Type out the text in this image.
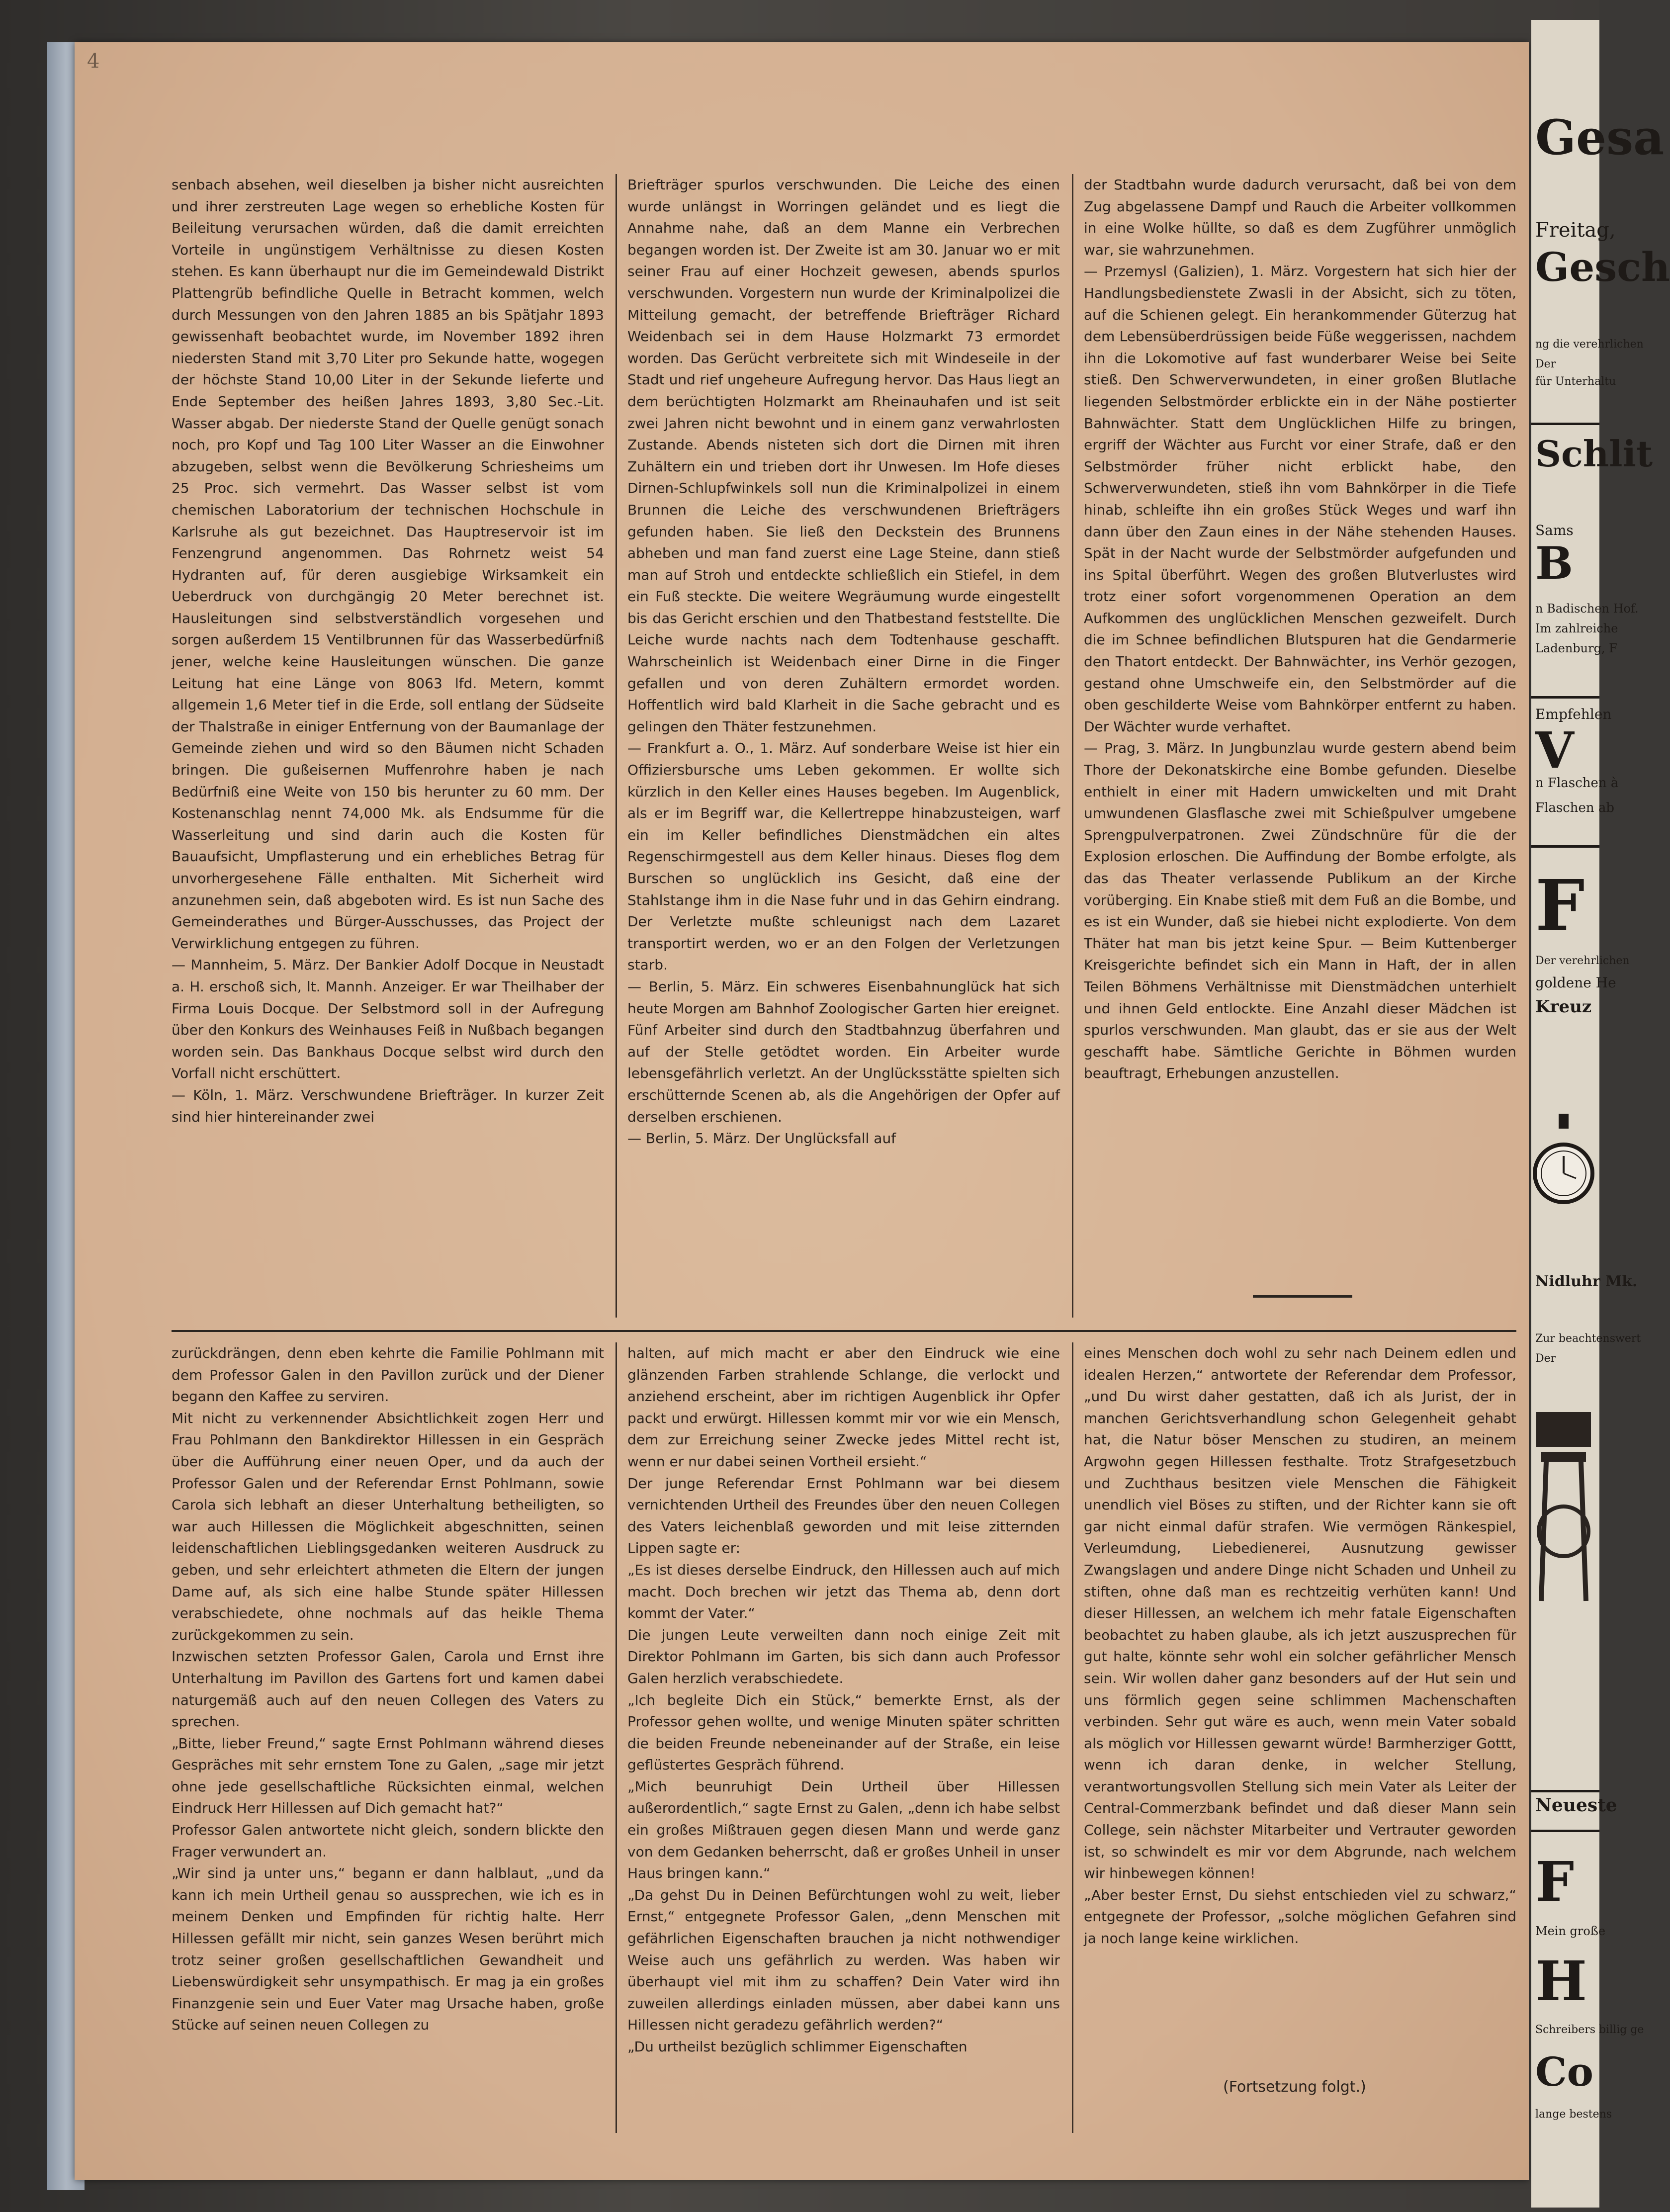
4

senbach absehen, weil dieselben ja bisher nicht ausreichten und ihrer zerstreuten Lage wegen so erhebliche Kosten für Beileitung verursachen würden, daß die damit erreichten Vorteile in ungünstigem Verhältnisse zu diesen Kosten stehen. Es kann überhaupt nur die im Gemeindewald Distrikt Plattengrüb befindliche Quelle in Betracht kommen, welch durch Messungen von den Jahren 1885 an bis Spätjahr 1893 gewissenhaft beobachtet wurde, im November 1892 ihren niedersten Stand mit 3,70 Liter pro Sekunde hatte, wogegen der höchste Stand 10,00 Liter in der Sekunde lieferte und Ende September des heißen Jahres 1893, 3,80 Sec.-Lit. Wasser abgab. Der niederste Stand der Quelle genügt sonach noch, pro Kopf und Tag 100 Liter Wasser an die Einwohner abzugeben, selbst wenn die Bevölkerung Schriesheims um 25 Proc. sich vermehrt. Das Wasser selbst ist vom chemischen Laboratorium der technischen Hochschule in Karlsruhe als gut bezeichnet. Das Hauptreservoir ist im Fenzengrund angenommen. Das Rohrnetz weist 54 Hydranten auf, für deren ausgiebige Wirksamkeit ein Ueberdruck von durchgängig 20 Meter berechnet ist. Hausleitungen sind selbstverständlich vorgesehen und sorgen außerdem 15 Ventilbrunnen für das Wasserbedürfniß jener, welche keine Hausleitungen wünschen. Die ganze Leitung hat eine Länge von 8063 lfd. Metern, kommt allgemein 1,6 Meter tief in die Erde, soll entlang der Südseite der Thalstraße in einiger Entfernung von der Baumanlage der Gemeinde ziehen und wird so den Bäumen nicht Schaden bringen. Die gußeisernen Muffenrohre haben je nach Bedürfniß eine Weite von 150 bis herunter zu 60 mm. Der Kostenanschlag nennt 74,000 Mk. als Endsumme für die Wasserleitung und sind darin auch die Kosten für Bauaufsicht, Umpflasterung und ein erhebliches Betrag für unvorhergesehene Fälle enthalten. Mit Sicherheit wird anzunehmen sein, daß abgeboten wird. Es ist nun Sache des Gemeinderathes und Bürger-Ausschusses, das Project der Verwirklichung entgegen zu führen.
— Mannheim, 5. März. Der Bankier Adolf Docque in Neustadt a. H. erschoß sich, lt. Mannh. Anzeiger. Er war Theilhaber der Firma Louis Docque. Der Selbstmord soll in der Aufregung über den Konkurs des Weinhauses Feiß in Nußbach begangen worden sein. Das Bankhaus Docque selbst wird durch den Vorfall nicht erschüttert.
— Köln, 1. März. Verschwundene Briefträger. In kurzer Zeit sind hier hintereinander zwei

Briefträger spurlos verschwunden. Die Leiche des einen wurde unlängst in Worringen geländet und es liegt die Annahme nahe, daß an dem Manne ein Verbrechen begangen worden ist. Der Zweite ist am 30. Januar wo er mit seiner Frau auf einer Hochzeit gewesen, abends spurlos verschwunden. Vorgestern nun wurde der Kriminalpolizei die Mitteilung gemacht, der betreffende Briefträger Richard Weidenbach sei in dem Hause Holzmarkt 73 ermordet worden. Das Gerücht verbreitete sich mit Windeseile in der Stadt und rief ungeheure Aufregung hervor. Das Haus liegt an dem berüchtigten Holzmarkt am Rheinauhafen und ist seit zwei Jahren nicht bewohnt und in einem ganz verwahrlosten Zustande. Abends nisteten sich dort die Dirnen mit ihren Zuhältern ein und trieben dort ihr Unwesen. Im Hofe dieses Dirnen-Schlupfwinkels soll nun die Kriminalpolizei in einem Brunnen die Leiche des verschwundenen Briefträgers gefunden haben. Sie ließ den Deckstein des Brunnens abheben und man fand zuerst eine Lage Steine, dann stieß man auf Stroh und entdeckte schließlich ein Stiefel, in dem ein Fuß steckte. Die weitere Wegräumung wurde eingestellt bis das Gericht erschien und den Thatbestand feststellte. Die Leiche wurde nachts nach dem Todtenhause geschafft. Wahrscheinlich ist Weidenbach einer Dirne in die Finger gefallen und von deren Zuhältern ermordet worden. Hoffentlich wird bald Klarheit in die Sache gebracht und es gelingen den Thäter festzunehmen.
— Frankfurt a. O., 1. März. Auf sonderbare Weise ist hier ein Offiziersbursche ums Leben gekommen. Er wollte sich kürzlich in den Keller eines Hauses begeben. Im Augenblick, als er im Begriff war, die Kellertreppe hinabzusteigen, warf ein im Keller befindliches Dienstmädchen ein altes Regenschirmgestell aus dem Keller hinaus. Dieses flog dem Burschen so unglücklich ins Gesicht, daß eine der Stahlstange ihm in die Nase fuhr und in das Gehirn eindrang. Der Verletzte mußte schleunigst nach dem Lazaret transportirt werden, wo er an den Folgen der Verletzungen starb.
— Berlin, 5. März. Ein schweres Eisenbahnunglück hat sich heute Morgen am Bahnhof Zoologischer Garten hier ereignet. Fünf Arbeiter sind durch den Stadtbahnzug überfahren und auf der Stelle getödtet worden. Ein Arbeiter wurde lebensgefährlich verletzt. An der Unglücksstätte spielten sich erschütternde Scenen ab, als die Angehörigen der Opfer auf derselben erschienen.
— Berlin, 5. März. Der Unglücksfall auf

der Stadtbahn wurde dadurch verursacht, daß bei von dem Zug abgelassene Dampf und Rauch die Arbeiter vollkommen in eine Wolke hüllte, so daß es dem Zugführer unmöglich war, sie wahrzunehmen.
— Przemysl (Galizien), 1. März. Vorgestern hat sich hier der Handlungsbedienstete Zwasli in der Absicht, sich zu töten, auf die Schienen gelegt. Ein herankommender Güterzug hat dem Lebensüberdrüssigen beide Füße weggerissen, nachdem ihn die Lokomotive auf fast wunderbarer Weise bei Seite stieß. Den Schwerverwundeten, in einer großen Blutlache liegenden Selbstmörder erblickte ein in der Nähe postierter Bahnwächter. Statt dem Unglücklichen Hilfe zu bringen, ergriff der Wächter aus Furcht vor einer Strafe, daß er den Selbstmörder früher nicht erblickt habe, den Schwerverwundeten, stieß ihn vom Bahnkörper in die Tiefe hinab, schleifte ihn ein großes Stück Weges und warf ihn dann über den Zaun eines in der Nähe stehenden Hauses. Spät in der Nacht wurde der Selbstmörder aufgefunden und ins Spital überführt. Wegen des großen Blutverlustes wird trotz einer sofort vorgenommenen Operation an dem Aufkommen des unglücklichen Menschen gezweifelt. Durch die im Schnee befindlichen Blutspuren hat die Gendarmerie den Thatort entdeckt. Der Bahnwächter, ins Verhör gezogen, gestand ohne Umschweife ein, den Selbstmörder auf die oben geschilderte Weise vom Bahnkörper entfernt zu haben. Der Wächter wurde verhaftet.
— Prag, 3. März. In Jungbunzlau wurde gestern abend beim Thore der Dekonatskirche eine Bombe gefunden. Dieselbe enthielt in einer mit Hadern umwickelten und mit Draht umwundenen Glasflasche zwei mit Schießpulver umgebene Sprengpulverpatronen. Zwei Zündschnüre für die der Explosion erloschen. Die Auffindung der Bombe erfolgte, als das das Theater verlassende Publikum an der Kirche vorüberging. Ein Knabe stieß mit dem Fuß an die Bombe, und es ist ein Wunder, daß sie hiebei nicht explodierte. Von dem Thäter hat man bis jetzt keine Spur. — Beim Kuttenberger Kreisgerichte befindet sich ein Mann in Haft, der in allen Teilen Böhmens Verhältnisse mit Dienstmädchen unterhielt und ihnen Geld entlockte. Eine Anzahl dieser Mädchen ist spurlos verschwunden. Man glaubt, das er sie aus der Welt geschafft habe. Sämtliche Gerichte in Böhmen wurden beauftragt, Erhebungen anzustellen.

zurückdrängen, denn eben kehrte die Familie Pohlmann mit dem Professor Galen in den Pavillon zurück und der Diener begann den Kaffee zu serviren.
Mit nicht zu verkennender Absichtlichkeit zogen Herr und Frau Pohlmann den Bankdirektor Hillessen in ein Gespräch über die Aufführung einer neuen Oper, und da auch der Professor Galen und der Referendar Ernst Pohlmann, sowie Carola sich lebhaft an dieser Unterhaltung betheiligten, so war auch Hillessen die Möglichkeit abgeschnitten, seinen leidenschaftlichen Lieblingsgedanken weiteren Ausdruck zu geben, und sehr erleichtert athmeten die Eltern der jungen Dame auf, als sich eine halbe Stunde später Hillessen verabschiedete, ohne nochmals auf das heikle Thema zurückgekommen zu sein.
Inzwischen setzten Professor Galen, Carola und Ernst ihre Unterhaltung im Pavillon des Gartens fort und kamen dabei naturgemäß auch auf den neuen Collegen des Vaters zu sprechen.
„Bitte, lieber Freund,“ sagte Ernst Pohlmann während dieses Gespräches mit sehr ernstem Tone zu Galen, „sage mir jetzt ohne jede gesellschaftliche Rücksichten einmal, welchen Eindruck Herr Hillessen auf Dich gemacht hat?“
Professor Galen antwortete nicht gleich, sondern blickte den Frager verwundert an.
„Wir sind ja unter uns,“ begann er dann halblaut, „und da kann ich mein Urtheil genau so aussprechen, wie ich es in meinem Denken und Empfinden für richtig halte. Herr Hillessen gefällt mir nicht, sein ganzes Wesen berührt mich trotz seiner großen gesellschaftlichen Gewandheit und Liebenswürdigkeit sehr unsympathisch. Er mag ja ein großes Finanzgenie sein und Euer Vater mag Ursache haben, große Stücke auf seinen neuen Collegen zu

halten, auf mich macht er aber den Eindruck wie eine glänzenden Farben strahlende Schlange, die verlockt und anziehend erscheint, aber im richtigen Augenblick ihr Opfer packt und erwürgt. Hillessen kommt mir vor wie ein Mensch, dem zur Erreichung seiner Zwecke jedes Mittel recht ist, wenn er nur dabei seinen Vortheil ersieht.“
Der junge Referendar Ernst Pohlmann war bei diesem vernichtenden Urtheil des Freundes über den neuen Collegen des Vaters leichenblaß geworden und mit leise zitternden Lippen sagte er:
„Es ist dieses derselbe Eindruck, den Hillessen auch auf mich macht. Doch brechen wir jetzt das Thema ab, denn dort kommt der Vater.“
Die jungen Leute verweilten dann noch einige Zeit mit Direktor Pohlmann im Garten, bis sich dann auch Professor Galen herzlich verabschiedete.
„Ich begleite Dich ein Stück,“ bemerkte Ernst, als der Professor gehen wollte, und wenige Minuten später schritten die beiden Freunde nebeneinander auf der Straße, ein leise geflüstertes Gespräch führend.
„Mich beunruhigt Dein Urtheil über Hillessen außerordentlich,“ sagte Ernst zu Galen, „denn ich habe selbst ein großes Mißtrauen gegen diesen Mann und werde ganz von dem Gedanken beherrscht, daß er großes Unheil in unser Haus bringen kann.“
„Da gehst Du in Deinen Befürchtungen wohl zu weit, lieber Ernst,“ entgegnete Professor Galen, „denn Menschen mit gefährlichen Eigenschaften brauchen ja nicht nothwendiger Weise auch uns gefährlich zu werden. Was haben wir überhaupt viel mit ihm zu schaffen? Dein Vater wird ihn zuweilen allerdings einladen müssen, aber dabei kann uns Hillessen nicht geradezu gefährlich werden?“
„Du urtheilst bezüglich schlimmer Eigenschaften

eines Menschen doch wohl zu sehr nach Deinem edlen und idealen Herzen,“ antwortete der Referendar dem Professor, „und Du wirst daher gestatten, daß ich als Jurist, der in manchen Gerichtsverhandlung schon Gelegenheit gehabt hat, die Natur böser Menschen zu studiren, an meinem Argwohn gegen Hillessen festhalte. Trotz Strafgesetzbuch und Zuchthaus besitzen viele Menschen die Fähigkeit unendlich viel Böses zu stiften, und der Richter kann sie oft gar nicht einmal dafür strafen. Wie vermögen Ränkespiel, Verleumdung, Liebedienerei, Ausnutzung gewisser Zwangslagen und andere Dinge nicht Schaden und Unheil zu stiften, ohne daß man es rechtzeitig verhüten kann! Und dieser Hillessen, an welchem ich mehr fatale Eigenschaften beobachtet zu haben glaube, als ich jetzt auszusprechen für gut halte, könnte sehr wohl ein solcher gefährlicher Mensch sein. Wir wollen daher ganz besonders auf der Hut sein und uns förmlich gegen seine schlimmen Machenschaften verbinden. Sehr gut wäre es auch, wenn mein Vater sobald als möglich vor Hillessen gewarnt würde! Barmherziger Gottt, wenn ich daran denke, in welcher Stellung, verantwortungsvollen Stellung sich mein Vater als Leiter der Central-Commerzbank befindet und daß dieser Mann sein College, sein nächster Mitarbeiter und Vertrauter geworden ist, so schwindelt es mir vor dem Abgrunde, nach welchem wir hinbewegen können!
„Aber bester Ernst, Du siehst entschieden viel zu schwarz,“ entgegnete der Professor, „solche möglichen Gefahren sind ja noch lange keine wirklichen.

(Fortsetzung folgt.)
Gesa
Freitag,
Gesch
ng die verehrlichen
Der
für Unterhaltu
Schlit
Sams
B
n Badischen Hof.
Im zahlreiche
Ladenburg, F
Empfehlen
V
n Flaschen à
Flaschen ab
F
Der verehrlichen
goldene He
Kreuz
Nidluhr Mk.
Zur beachtenswert
Der
Neueste
F
Mein große
H
Schreibers billig ge
Co
lange bestens
